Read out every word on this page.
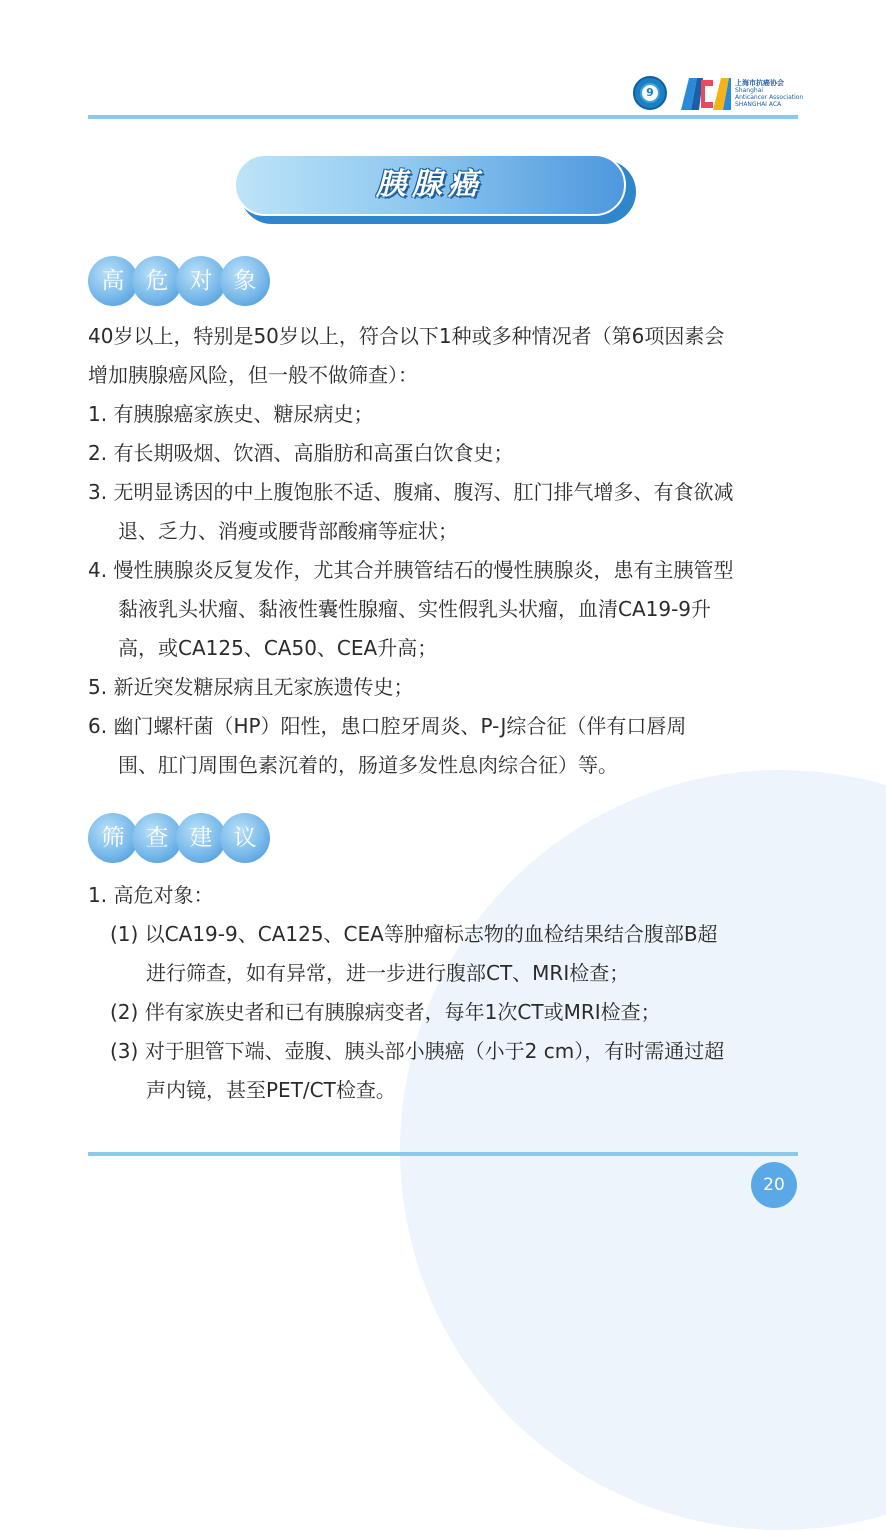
9
上海市抗癌协会
Shanghai
Anticancer Association
SHANGHAI ACA
胰腺癌
高 危 对 象
40岁以上，特别是50岁以上，符合以下1种或多种情况者（第6项因素会
增加胰腺癌风险，但一般不做筛查）：
1. 有胰腺癌家族史、糖尿病史；
2. 有长期吸烟、饮酒、高脂肪和高蛋白饮食史；
3. 无明显诱因的中上腹饱胀不适、腹痛、腹泻、肛门排气增多、有食欲减
退、乏力、消瘦或腰背部酸痛等症状；
4. 慢性胰腺炎反复发作，尤其合并胰管结石的慢性胰腺炎，患有主胰管型
黏液乳头状瘤、黏液性囊性腺瘤、实性假乳头状瘤，血清CA19-9升
高，或CA125、CA50、CEA升高；
5. 新近突发糖尿病且无家族遗传史；
6. 幽门螺杆菌（HP）阳性，患口腔牙周炎、P-J综合征（伴有口唇周
围、肛门周围色素沉着的，肠道多发性息肉综合征）等。
筛 查 建 议
1. 高危对象：
(1) 以CA19-9、CA125、CEA等肿瘤标志物的血检结果结合腹部B超
进行筛查，如有异常，进一步进行腹部CT、MRI检查；
(2) 伴有家族史者和已有胰腺病变者，每年1次CT或MRI检查；
(3) 对于胆管下端、壶腹、胰头部小胰癌（小于2 cm），有时需通过超
声内镜，甚至PET/CT检查。
20
